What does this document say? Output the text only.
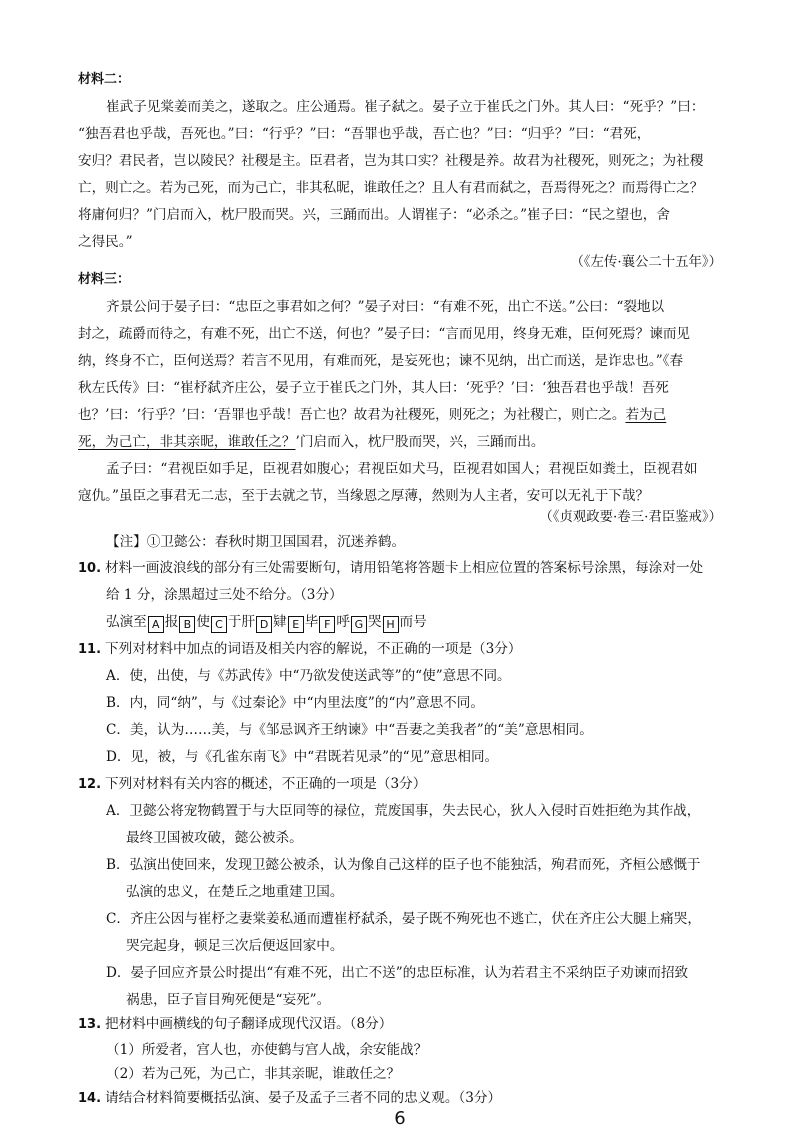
材料二：
崔武子见棠姜而美之，遂取之。庄公通焉。崔子弑之。晏子立于崔氏之门外。其人曰：“死乎？”曰：
“独吾君也乎哉，吾死也。”曰：“行乎？”曰：“吾罪也乎哉，吾亡也？”曰：“归乎？”曰：“君死，
安归？君民者，岂以陵民？社稷是主。臣君者，岂为其口实？社稷是养。故君为社稷死，则死之；为社稷
亡，则亡之。若为己死，而为己亡，非其私昵，谁敢任之？且人有君而弑之，吾焉得死之？而焉得亡之？
将庸何归？”门启而入，枕尸股而哭。兴，三踊而出。人谓崔子：“必杀之。”崔子曰：“民之望也，舍
之得民。”
（《左传·襄公二十五年》）
材料三：
齐景公问于晏子曰：“忠臣之事君如之何？”晏子对曰：“有难不死，出亡不送。”公曰：“裂地以
封之，疏爵而待之，有难不死，出亡不送，何也？”晏子曰：“言而见用，终身无难，臣何死焉？谏而见
纳，终身不亡，臣何送焉？若言不见用，有难而死，是妄死也；谏不见纳，出亡而送，是诈忠也。”《春
秋左氏传》曰：“崔杼弑齐庄公，晏子立于崔氏之门外，其人曰：‘死乎？’曰：‘独吾君也乎哉！吾死
也？’曰：‘行乎？’曰：‘吾罪也乎哉！吾亡也？故君为社稷死，则死之；为社稷亡，则亡之。若为己
死，为己亡，非其亲昵，谁敢任之？’门启而入，枕尸股而哭，兴，三踊而出。
孟子曰：“君视臣如手足，臣视君如腹心；君视臣如犬马，臣视君如国人；君视臣如粪土，臣视君如
寇仇。”虽臣之事君无二志，至于去就之节，当缘恩之厚薄，然则为人主者，安可以无礼于下哉？
（《贞观政要·卷三·君臣鉴戒》）
【注】①卫懿公：春秋时期卫国国君，沉迷养鹤。
10. 材料一画波浪线的部分有三处需要断句，请用铅笔将答题卡上相应位置的答案标号涂黑，每涂对一处
给 1 分，涂黑超过三处不给分。（3分）
弘演至 A 报 B 使 C 于肝 D 肄 E 毕 F 呼 G 哭 H 而号
11. 下列对材料中加点的词语及相关内容的解说，不正确的一项是（3分）
A．使，出使，与《苏武传》中“乃欲发使送武等”的“使”意思不同。
B．内，同“纳”，与《过秦论》中“内里法度”的“内”意思不同。
C．美，认为……美，与《邹忌讽齐王纳谏》中“吾妻之美我者”的“美”意思相同。
D．见，被，与《孔雀东南飞》中“君既若见录”的“见”意思相同。
12. 下列对材料有关内容的概述，不正确的一项是（3分）
A．卫懿公将宠物鹤置于与大臣同等的禄位，荒废国事，失去民心，狄人入侵时百姓拒绝为其作战，
最终卫国被攻破，懿公被杀。
B．弘演出使回来，发现卫懿公被杀，认为像自己这样的臣子也不能独活，殉君而死，齐桓公感慨于
弘演的忠义，在楚丘之地重建卫国。
C．齐庄公因与崔杼之妻棠姜私通而遭崔杼弑杀，晏子既不殉死也不逃亡，伏在齐庄公大腿上痛哭，
哭完起身，顿足三次后便返回家中。
D．晏子回应齐景公时提出“有难不死，出亡不送”的忠臣标准，认为若君主不采纳臣子劝谏而招致
祸患，臣子盲目殉死便是“妄死”。
13. 把材料中画横线的句子翻译成现代汉语。（8分）
（1）所爱者，宫人也，亦使鹤与宫人战，余安能战？
（2）若为己死，为己亡，非其亲昵，谁敢任之？
14. 请结合材料简要概括弘演、晏子及孟子三者不同的忠义观。（3分）
6
